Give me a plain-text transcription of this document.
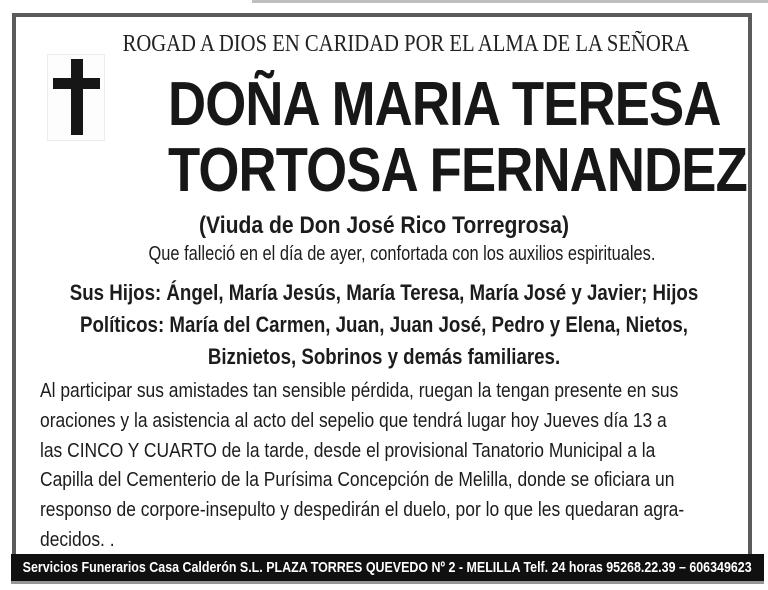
ROGAD A DIOS EN CARIDAD POR EL ALMA DE LA SEÑORA
DOÑA MARIA TERESA
TORTOSA FERNANDEZ
(Viuda de Don José Rico Torregrosa)
Que falleció en el día de ayer, confortada con los auxilios espirituales.
Sus Hijos: Ángel, María Jesús, María Teresa, María José y Javier; Hijos
Políticos: María del Carmen, Juan, Juan José, Pedro y Elena, Nietos,
Biznietos, Sobrinos y demás familiares.
Al participar sus amistades tan sensible pérdida, ruegan la tengan presente en sus
oraciones y la asistencia al acto del sepelio que tendrá lugar hoy Jueves día 13 a
las CINCO Y CUARTO de la tarde, desde el provisional Tanatorio Municipal a la
Capilla del Cementerio de la Purísima Concepción de Melilla, donde se oficiara un
responso de corpore-insepulto y despedirán el duelo, por lo que les quedaran agra-
decidos. .
Servicios Funerarios Casa Calderón S.L. PLAZA TORRES QUEVEDO Nº 2 - MELILLA Telf. 24 horas 95268.22.39 – 606349623
